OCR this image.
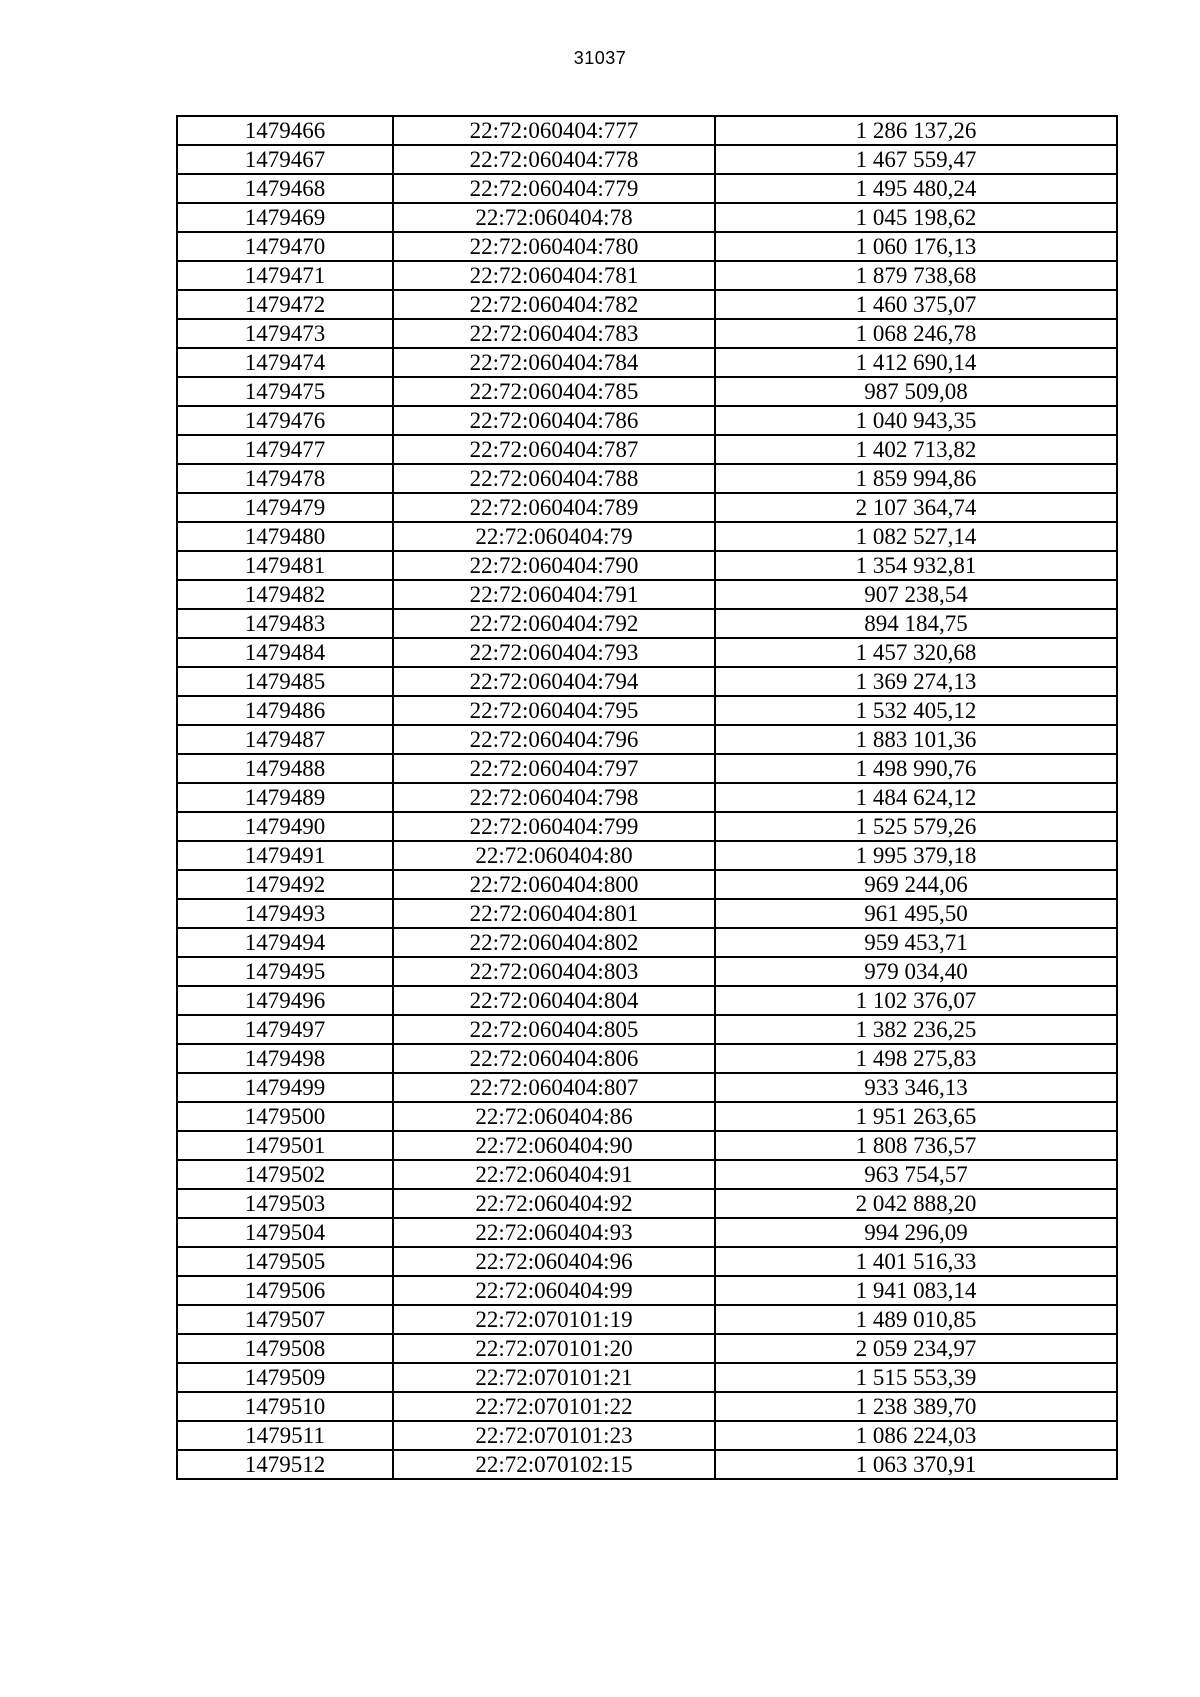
31037
1479466	22:72:060404:777	1 286 137,26
1479467	22:72:060404:778	1 467 559,47
1479468	22:72:060404:779	1 495 480,24
1479469	22:72:060404:78	1 045 198,62
1479470	22:72:060404:780	1 060 176,13
1479471	22:72:060404:781	1 879 738,68
1479472	22:72:060404:782	1 460 375,07
1479473	22:72:060404:783	1 068 246,78
1479474	22:72:060404:784	1 412 690,14
1479475	22:72:060404:785	987 509,08
1479476	22:72:060404:786	1 040 943,35
1479477	22:72:060404:787	1 402 713,82
1479478	22:72:060404:788	1 859 994,86
1479479	22:72:060404:789	2 107 364,74
1479480	22:72:060404:79	1 082 527,14
1479481	22:72:060404:790	1 354 932,81
1479482	22:72:060404:791	907 238,54
1479483	22:72:060404:792	894 184,75
1479484	22:72:060404:793	1 457 320,68
1479485	22:72:060404:794	1 369 274,13
1479486	22:72:060404:795	1 532 405,12
1479487	22:72:060404:796	1 883 101,36
1479488	22:72:060404:797	1 498 990,76
1479489	22:72:060404:798	1 484 624,12
1479490	22:72:060404:799	1 525 579,26
1479491	22:72:060404:80	1 995 379,18
1479492	22:72:060404:800	969 244,06
1479493	22:72:060404:801	961 495,50
1479494	22:72:060404:802	959 453,71
1479495	22:72:060404:803	979 034,40
1479496	22:72:060404:804	1 102 376,07
1479497	22:72:060404:805	1 382 236,25
1479498	22:72:060404:806	1 498 275,83
1479499	22:72:060404:807	933 346,13
1479500	22:72:060404:86	1 951 263,65
1479501	22:72:060404:90	1 808 736,57
1479502	22:72:060404:91	963 754,57
1479503	22:72:060404:92	2 042 888,20
1479504	22:72:060404:93	994 296,09
1479505	22:72:060404:96	1 401 516,33
1479506	22:72:060404:99	1 941 083,14
1479507	22:72:070101:19	1 489 010,85
1479508	22:72:070101:20	2 059 234,97
1479509	22:72:070101:21	1 515 553,39
1479510	22:72:070101:22	1 238 389,70
1479511	22:72:070101:23	1 086 224,03
1479512	22:72:070102:15	1 063 370,91
